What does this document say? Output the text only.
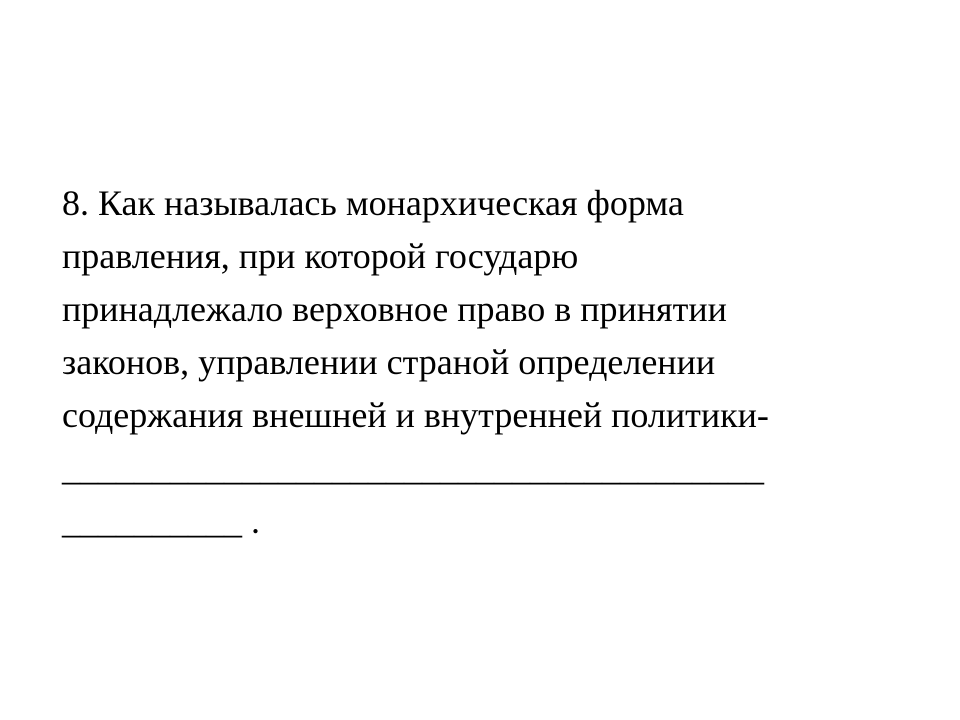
8. Как называлась монархическая форма
правления, при которой государю
принадлежало верховное право в принятии
законов, управлении страной определении
содержания внешней и внутренней политики-
_______________________________________
__________ .
